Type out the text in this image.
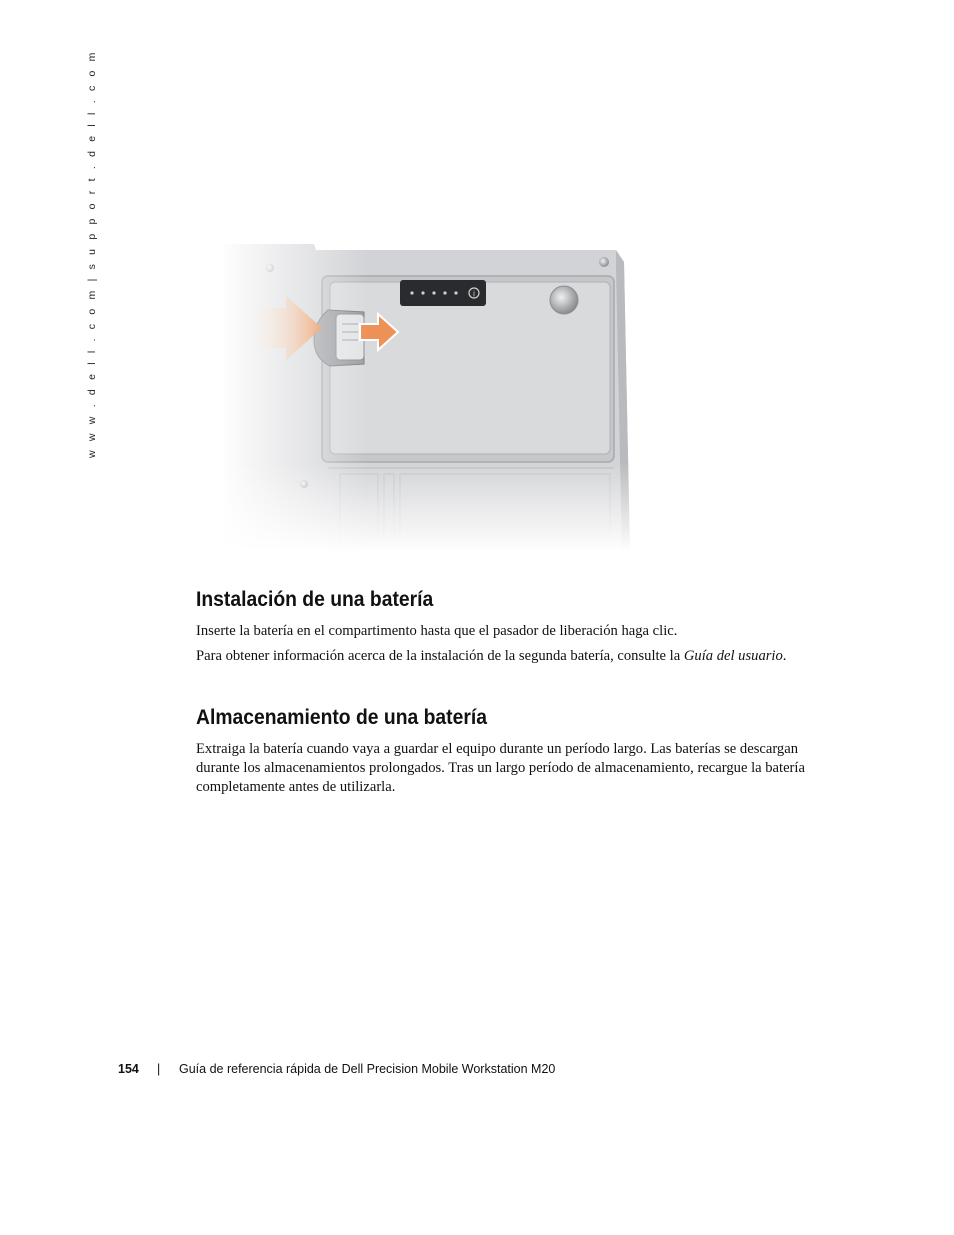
w w w . d e l l . c o m | s u p p o r t . d e l l . c o m	i
Instalación de una batería

Inserte la batería en el compartimento hasta que el pasador de liberación haga clic.

Para obtener información acerca de la instalación de la segunda batería, consulte la Guía del usuario.

Almacenamiento de una batería

Extraiga la batería cuando vaya a guardar el equipo durante un período largo. Las baterías se descargan durante los almacenamientos prolongados. Tras un largo período de almacenamiento, recargue la batería completamente antes de utilizarla.

154 | Guía de referencia rápida de Dell Precision Mobile Workstation M20
